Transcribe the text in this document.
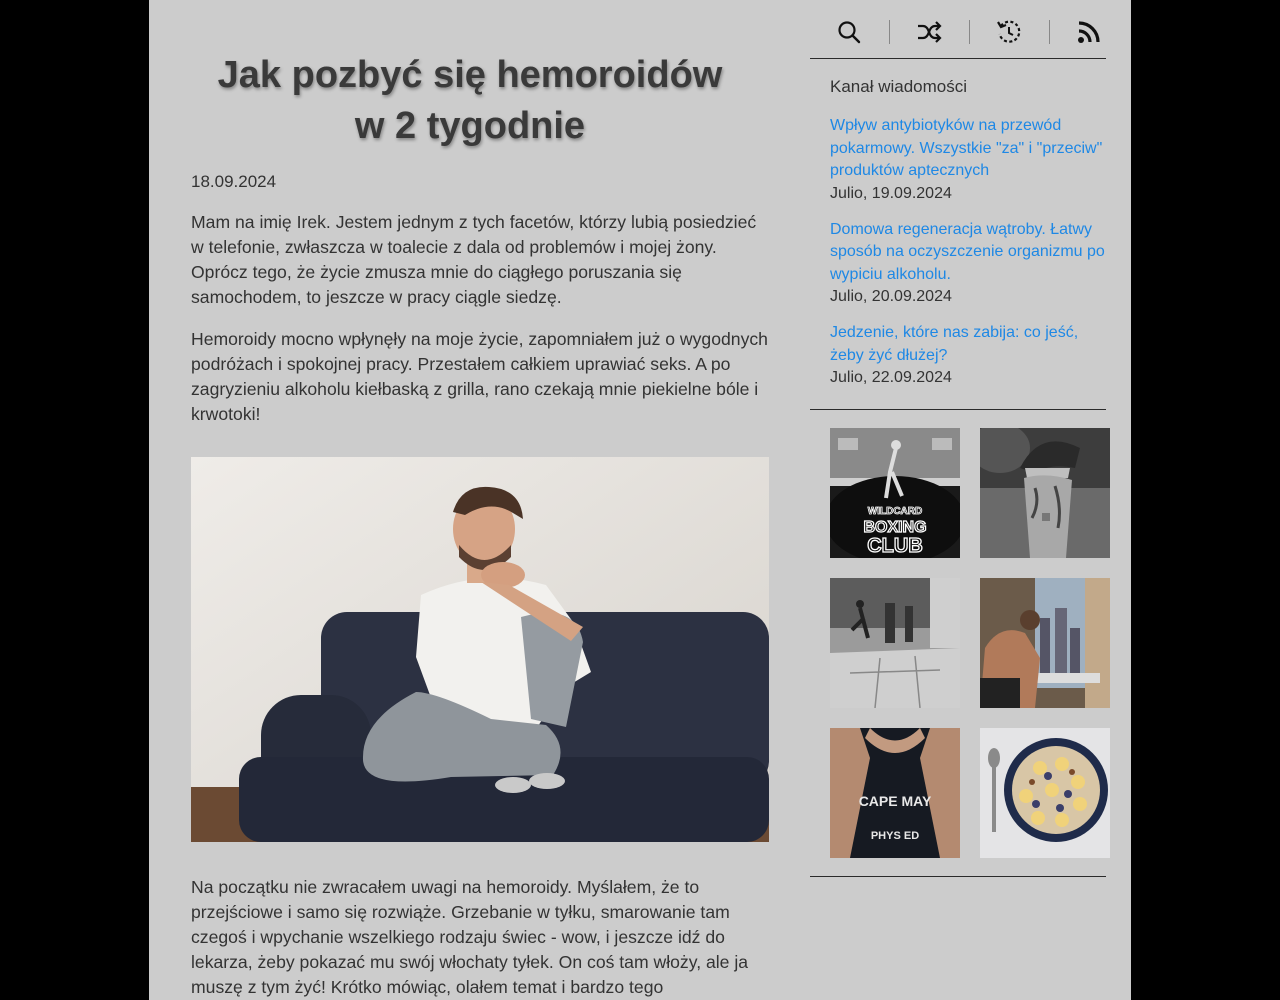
Jak pozbyć się hemoroidów
w 2 tygodnie
18.09.2024

Mam na imię Irek. Jestem jednym z tych facetów, którzy lubią posiedzieć w telefonie, zwłaszcza w toalecie z dala od problemów i mojej żony. Oprócz tego, że życie zmusza mnie do ciągłego poruszania się samochodem, to jeszcze w pracy ciągle siedzę.

Hemoroidy mocno wpłynęły na moje życie, zapomniałem już o wygodnych podróżach i spokojnej pracy. Przestałem całkiem uprawiać seks. A po zagryzieniu alkoholu kiełbaską z grilla, rano czekają mnie piekielne bóle i krwotoki!

Na początku nie zwracałem uwagi na hemoroidy. Myślałem, że to przejściowe i samo się rozwiąże. Grzebanie w tyłku, smarowanie tam czegoś i wpychanie wszelkiego rodzaju świec - wow, i jeszcze idź do lekarza, żeby pokazać mu swój włochaty tyłek. On coś tam włoży, ale ja muszę z tym żyć! Krótko mówiąc, olałem temat i bardzo tego

Kanał wiadomości
Wpływ antybiotyków na przewód pokarmowy. Wszystkie "za" i "przeciw" produktów aptecznych
Julio, 19.09.2024
Domowa regeneracja wątroby. Łatwy sposób na oczyszczenie organizmu po wypiciu alkoholu.
Julio, 20.09.2024
Jedzenie, które nas zabija: co jeść, żeby żyć dłużej?
Julio, 22.09.2024
WILDCARD
BOXING
CLUB
CAPE MAY
PHYS ED
